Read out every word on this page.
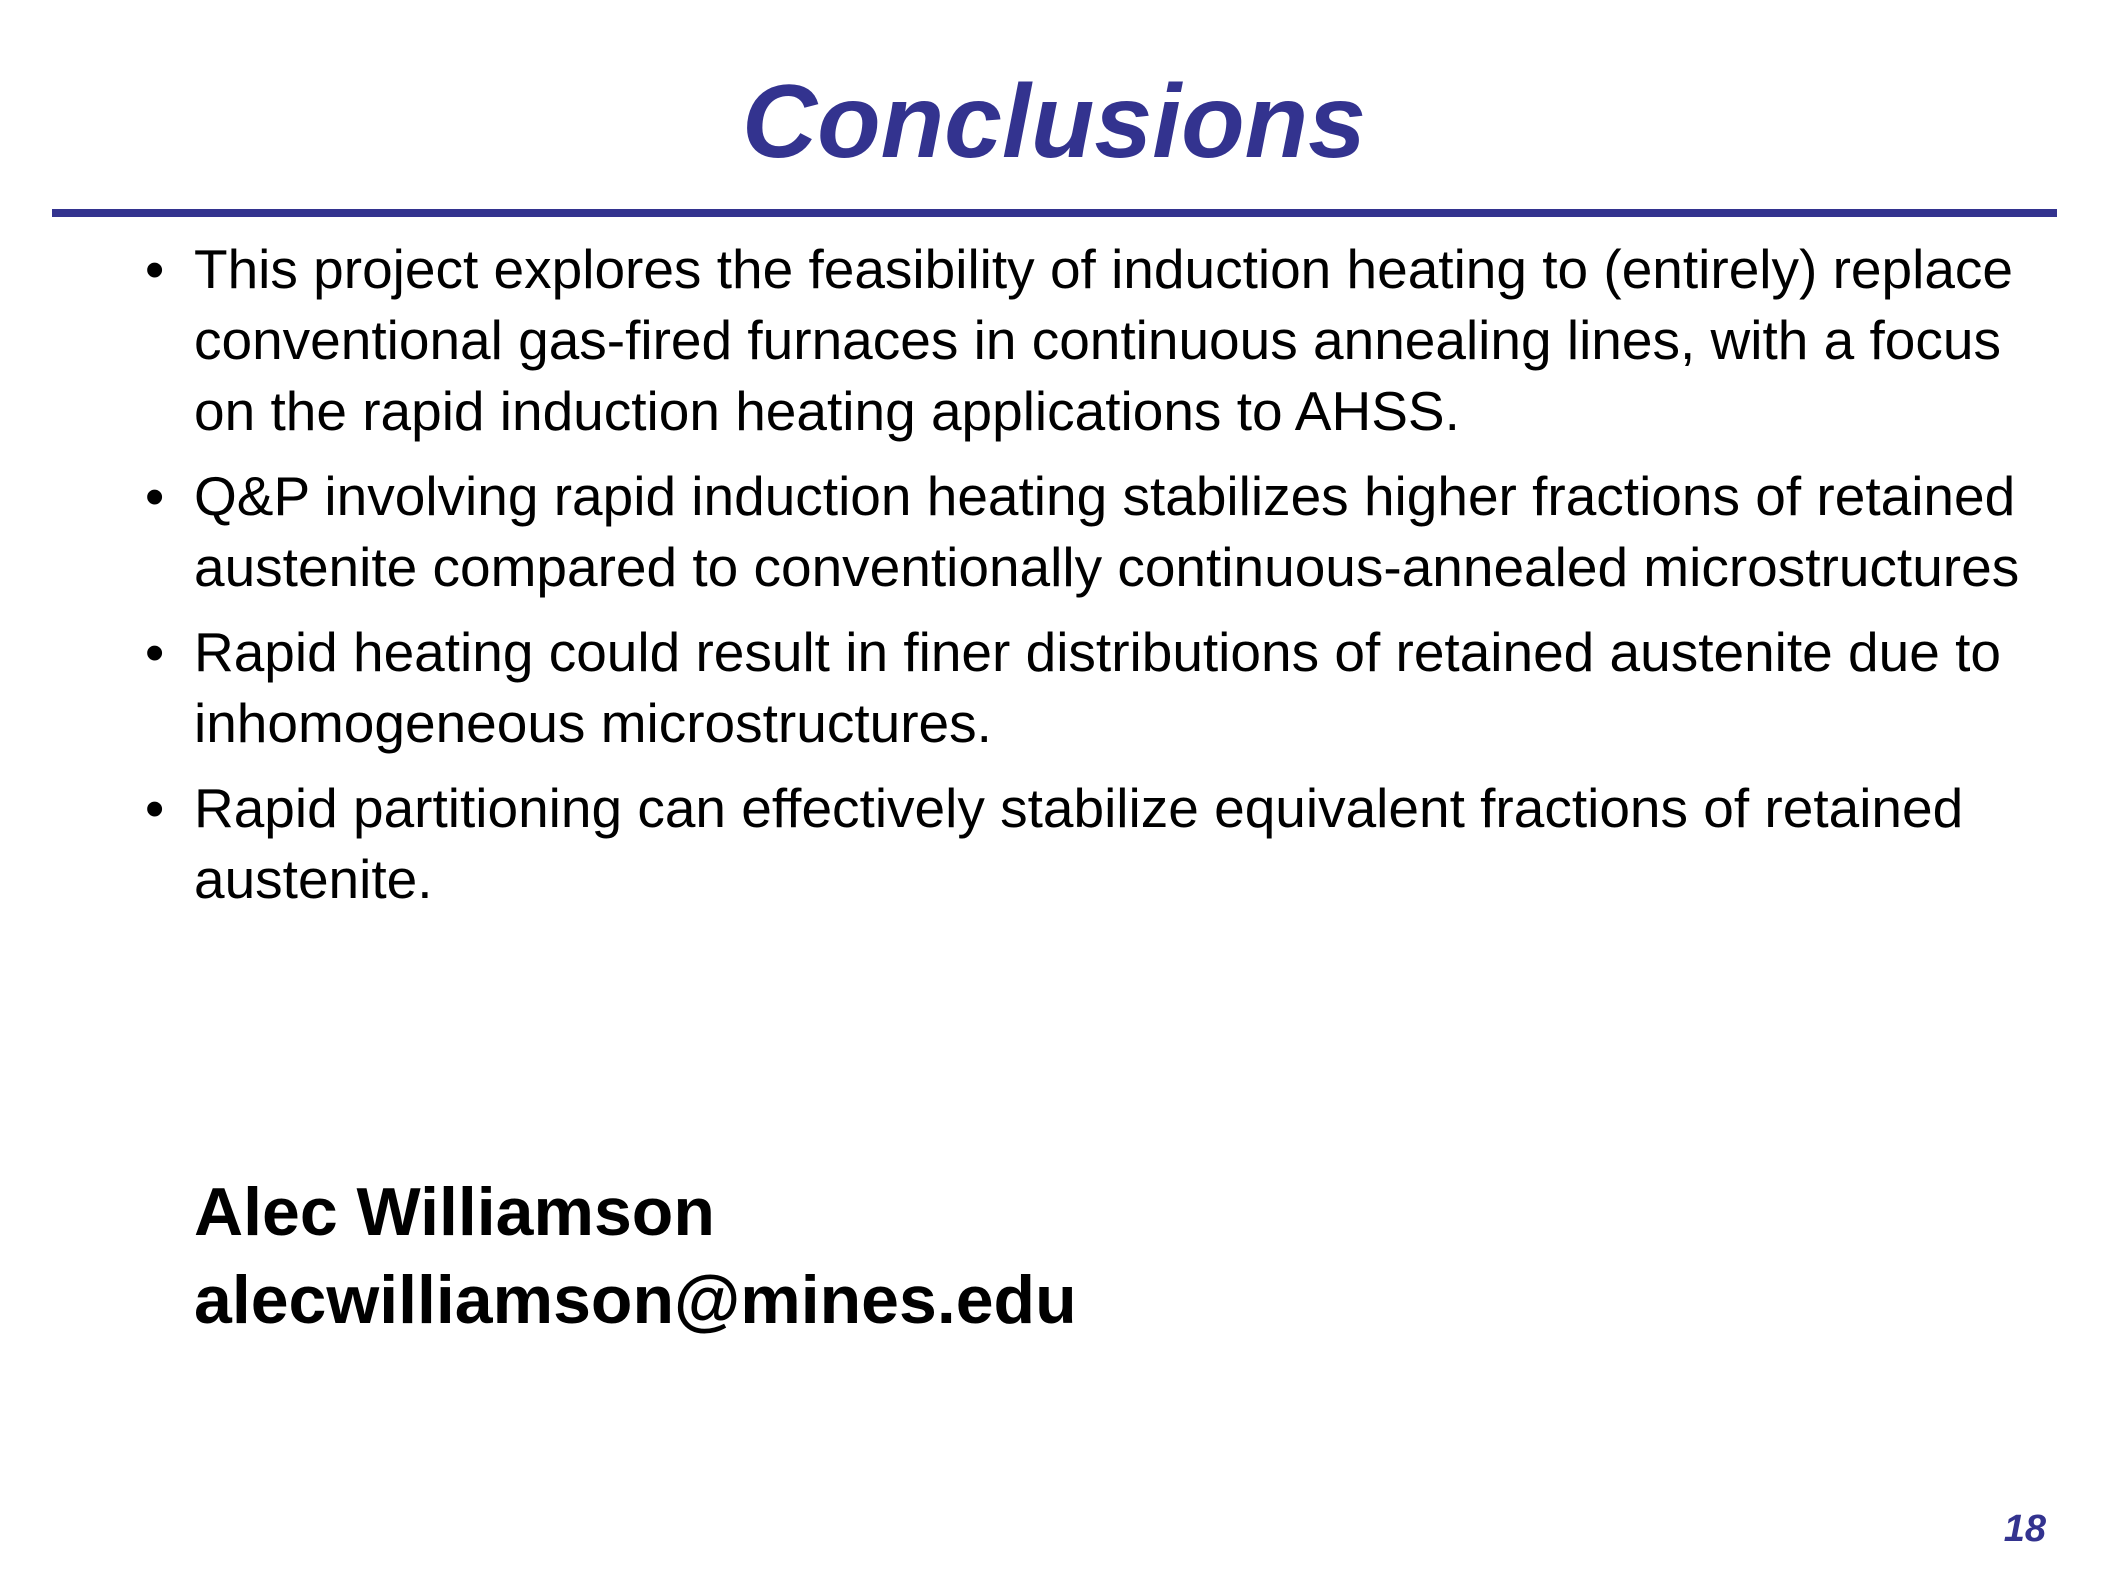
Conclusions
• This project explores the feasibility of induction heating to (entirely) replace conventional gas-fired furnaces in continuous annealing lines, with a focus on the rapid induction heating applications to AHSS.
• Q&P involving rapid induction heating stabilizes higher fractions of retained austenite compared to conventionally continuous-annealed microstructures
• Rapid heating could result in finer distributions of retained austenite due to inhomogeneous microstructures.
• Rapid partitioning can effectively stabilize equivalent fractions of retained austenite.
Alec Williamson
alecwilliamson@mines.edu
18
